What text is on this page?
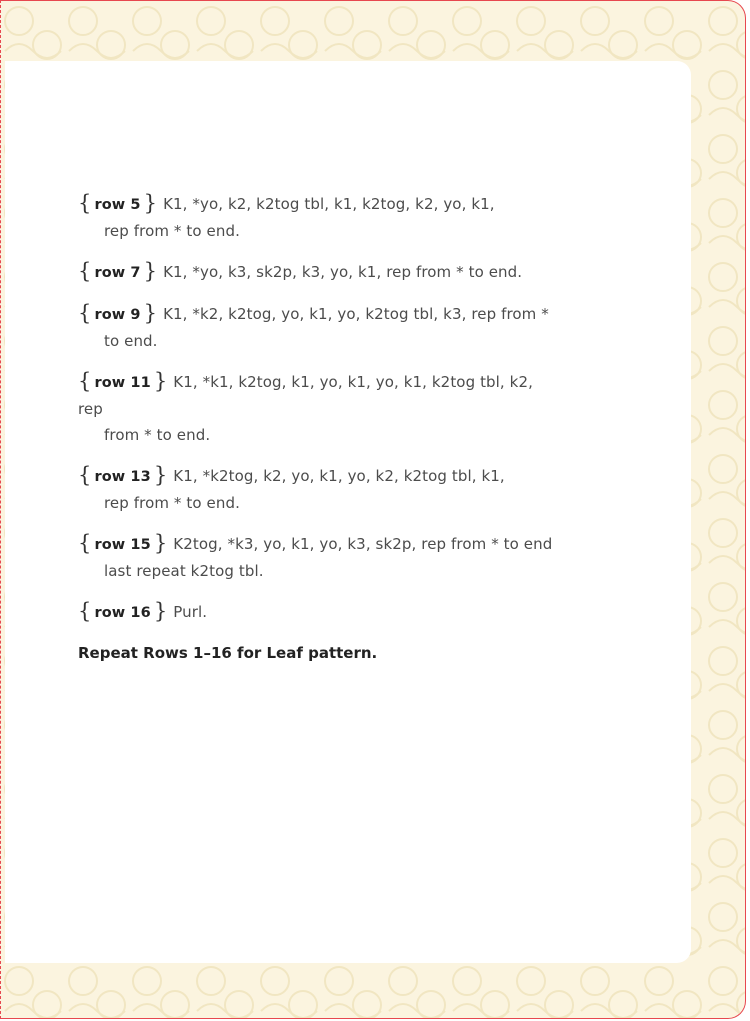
{ row 5 } K1, *yo, k2, k2tog tbl, k1, k2tog, k2, yo, k1,
rep from * to end.
{ row 7 } K1, *yo, k3, sk2p, k3, yo, k1, rep from * to end.
{ row 9 } K1, *k2, k2tog, yo, k1, yo, k2tog tbl, k3, rep from *
to end.
{ row 11 } K1, *k1, k2tog, k1, yo, k1, yo, k1, k2tog tbl, k2, rep
from * to end.
{ row 13 } K1, *k2tog, k2, yo, k1, yo, k2, k2tog tbl, k1,
rep from * to end.
{ row 15 } K2tog, *k3, yo, k1, yo, k3, sk2p, rep from * to end
last repeat k2tog tbl.
{ row 16 } Purl.
Repeat Rows 1–16 for Leaf pattern.
